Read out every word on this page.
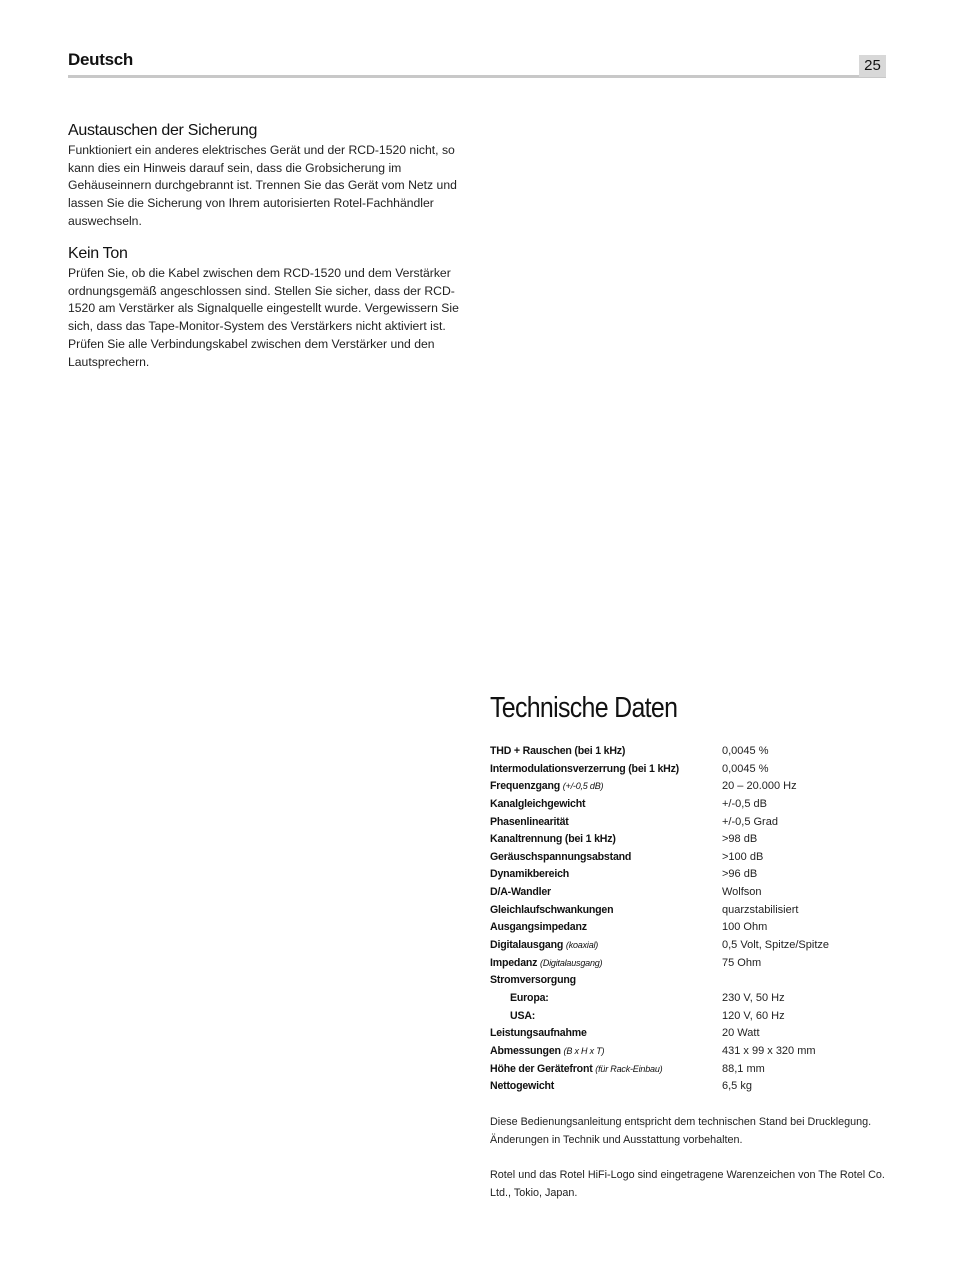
Deutsch	25
Austauschen der Sicherung

Funktioniert ein anderes elektrisches Gerät und der RCD-1520 nicht, so kann dies ein Hinweis darauf sein, dass die Grobsicherung im Gehäuseinnern durchgebrannt ist. Trennen Sie das Gerät vom Netz und lassen Sie die Sicherung von Ihrem autorisierten Rotel-Fachhändler auswechseln.

Kein Ton

Prüfen Sie, ob die Kabel zwischen dem RCD-1520 und dem Verstärker ordnungsgemäß angeschlossen sind. Stellen Sie sicher, dass der RCD-1520 am Verstärker als Signalquelle eingestellt wurde. Vergewissern Sie sich, dass das Tape-Monitor-System des Verstärkers nicht aktiviert ist. Prüfen Sie alle Verbindungskabel zwischen dem Verstärker und den Lautsprechern.

Technische Daten
THD + Rauschen (bei 1 kHz)	0,0045 %
Intermodulationsverzerrung (bei 1 kHz)	0,0045 %
Frequenzgang (+/-0,5 dB)	20 – 20.000 Hz
Kanalgleichgewicht	+/-0,5 dB
Phasenlinearität	+/-0,5 Grad
Kanaltrennung (bei 1 kHz)	>98 dB
Geräuschspannungsabstand	>100 dB
Dynamikbereich	>96 dB
D/A-Wandler	Wolfson
Gleichlaufschwankungen	quarzstabilisiert
Ausgangsimpedanz	100 Ohm
Digitalausgang (koaxial)	0,5 Volt, Spitze/Spitze
Impedanz (Digitalausgang)	75 Ohm
Stromversorgung
Europa:	230 V, 50 Hz
USA:	120 V, 60 Hz
Leistungsaufnahme	20 Watt
Abmessungen (B x H x T)	431 x 99 x 320 mm
Höhe der Gerätefront (für Rack-Einbau)	88,1 mm
Nettogewicht	6,5 kg

Diese Bedienungsanleitung entspricht dem technischen Stand bei Drucklegung. Änderungen in Technik und Ausstattung vorbehalten.

Rotel und das Rotel HiFi-Logo sind eingetragene Warenzeichen von The Rotel Co. Ltd., Tokio, Japan.
